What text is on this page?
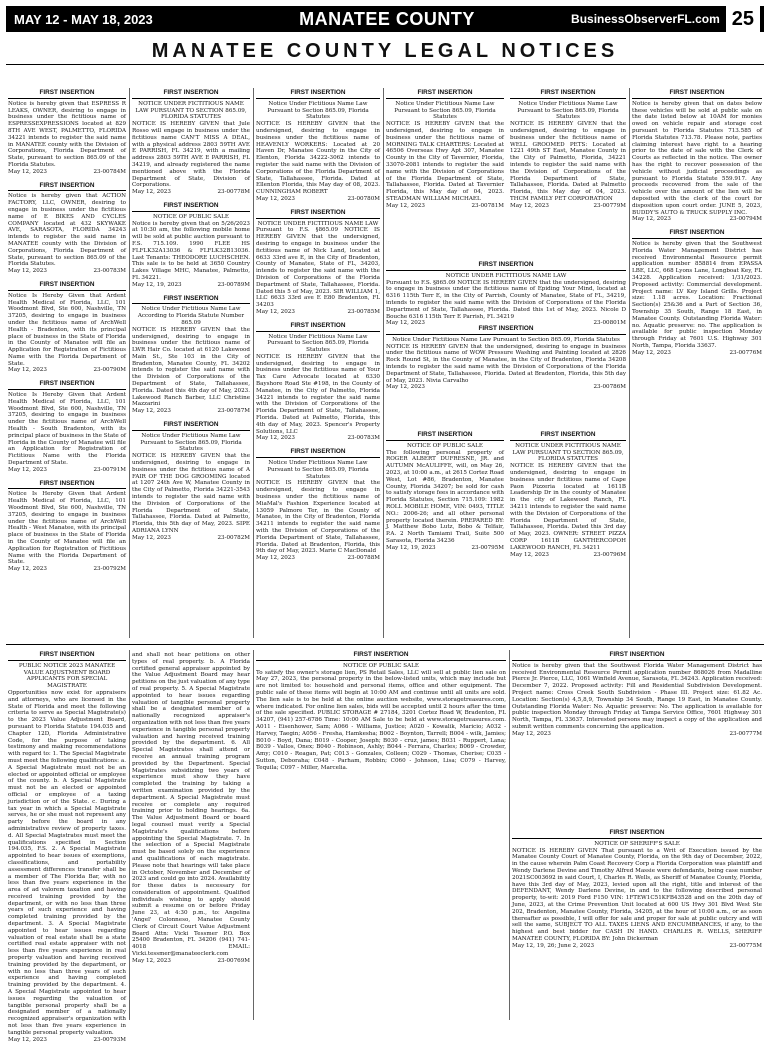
MAY 12 - MAY 18, 2023	MANATEE COUNTY	BusinessObserverFL.com 25
MANATEE COUNTY LEGAL NOTICES
FIRST INSERTION
Notice is hereby given that ESPRESS R LEAKS, OWNER, desiring to engage in business under the fictitious name of ESPRESSEXPRESSIONS located at 829 8TH AVE WEST, PALMETTO, FLORIDA 34221 intends to register the said name in MANATEE county with the Division of Corporations, Florida Department of State, pursuant to section 865.09 of the Florida Statutes.
May 12, 2023	23-00784M
FIRST INSERTION
Notice is hereby given that ACTION FACTORY, LLC, OWNER, desiring to engage in business under the fictitious name of E BIKES AND CYCLES COMPANY located at 432 SKYWAKE AVE, SARASOTA, FLORIDA 34243 intends to register the said name in MANATEE county with the Division of Corporations, Florida Department of State, pursuant to section 865.09 of the Florida Statutes.
May 12, 2023	23-00783M
FIRST INSERTION
Notice Is Hereby Given that Ardent Health Medical of Florida, LLC, 101 Woodmont Blvd, Ste 600, Nashville, TN 37205, desiring to engage in business under the fictitious name of ArchWell Health - Bradenton, with its principal place of business in the State of Florida in the County of Manatee will file an Application for Registration of Fictitious Name with the Florida Department of State.
May 12, 2023	23-00790M
FIRST INSERTION
Notice Is Hereby Given that Ardent Health Medical of Florida, LLC, 101 Woodmont Blvd, Ste 600, Nashville, TN 37205, desiring to engage in business under the fictitious name of ArchWell Health - South Bradenton, with its principal place of business in the State of Florida in the County of Manatee will file an Application for Registration of Fictitious Name with the Florida Department of State.
May 12, 2023	23-00791M
FIRST INSERTION
Notice Is Hereby Given that Ardent Health Medical of Florida, LLC, 101 Woodmont Blvd, Ste 600, Nashville, TN 37205, desiring to engage in business under the fictitious name of ArchWell Health - West Manatee, with its principal place of business in the State of Florida in the County of Manatee will file an Application for Registration of Fictitious Name with the Florida Department of State.
May 12, 2023	23-00792M
FIRST INSERTION
NOTICE UNDER FICTITIOUS NAME LAW PURSUANT TO SECTION 865.09, FLORIDA STATUTES
NOTICE IS HEREBY GIVEN that Jule Rosso will engage in business under the fictitious name CAN'T MISS A DEAL, with a physical address 2803 59TH AVE E PARRISH, FL 34219, with a mailing address 2803 59TH AVE E PARRISH, FL 34219, and already registered the name mentioned above with the Florida Department of State, Division of Corporations.
May 12, 2023	23-00778M
FIRST INSERTION
NOTICE OF PUBLIC SALE
Notice is hereby given that on 5/26/2023 at 10:30 am, the following mobile home will be sold at public auction pursuant to F.S. 715.109. 1990 FLEE HS FLFLK32A13036 & FLFLK32B13036. Last Tenants: THEODORE LUCHSCHEN. This sale is to be held at 3650 Country Lakes Village MHC, Manatee, Palmetto, FL 34221.
May 12, 19, 2023	23-00789M
FIRST INSERTION
Notice Under Fictitious Name Law According to Florida Statute Number 865.09
NOTICE IS HEREBY GIVEN that the undersigned, desiring to engage in business under the fictitious name of LWR Hair Co. located at 6120 Lakewood Main St., Ste 103 in the City of Bradenton, Manatee County, FL 34202 intends to register the said name with the Division of Corporations of the Department of State, Tallahassee, Florida. Dated this 4th day of May, 2023. Lakewood Ranch Barber, LLC Christine Mazzarini
May 12, 2023	23-00787M
FIRST INSERTION
Notice Under Fictitious Name Law Pursuant to Section 865.09, Florida Statutes
NOTICE IS HEREBY GIVEN that the undersigned, desiring to engage in business under the fictitious name of A FAIR OF THE DOG GROOMING located at 1207 24th Ave W, Manatee County in the City of Palmetto, Florida 34221-3543 intends to register the said name with the Division of Corporations of the Florida Department of State, Tallahassee, Florida. Dated at Palmetto, Florida, this 5th day of May, 2023. SIPE ADRIANA LYNN
May 12, 2023	23-00782M
FIRST INSERTION
Notice Under Fictitious Name Law Pursuant to Section 865.09, Florida Statutes
NOTICE IS HEREBY GIVEN that the undersigned, desiring to engage in business under the fictitious name of HEAVENLY WORKERS: Located at 20 Haven Dr, Manatee County in the City of Elenton, Florida 34222-3062 intends to register the said name with the Division of Corporations of the Florida Department of State, Tallahassee, Florida. Dated at Ellenton Florida, this May day of 08, 2023. CUNNINGHAM ROBERT
May 12, 2023	23-00780M
FIRST INSERTION
NOTICE UNDER FICTITIOUS NAME LAW
Pursuant to F.S. §865.09 NOTICE IS HEREBY GIVEN that the undersigned, desiring to engage in business under the fictitious name of Nick Land, located at 6633 33rd ave E, in the City of Bradenton, County of Manatee, State of FL, 34203, intends to register the said name with the Division of Corporations of the Florida Department of State, Tallahassee, Florida. Dated this 5 of May, 2023. SIR WILLIAM 1, LLC 6633 33rd ave E E80 Bradenton, FL 34203
May 12, 2023	23-00785M
FIRST INSERTION
Notice Under Fictitious Name Law Pursuant to Section 865.09, Florida Statutes
NOTICE IS HEREBY GIVEN that the undersigned, desiring to engage in business under the fictitious name of Your Tax Care Advocate located at 6330 Bayshore Road Ste #198, in the County of Manatee, in the City of Palmetto, Florida 34221 intends to register the said name with the Division of Corporations of the Florida Department of State, Tallahassee, Florida. Dated at Palmetto, Florida, this 4th day of May, 2023. Spencer's Property Solutions, LLC
May 12, 2023	23-00783M
FIRST INSERTION
Notice Under Fictitious Name Law Pursuant to Section 865.09, Florida Statutes
NOTICE IS HEREBY GIVEN that the undersigned, desiring to engage in business under the fictitious name of MiaMal's Fashion Experience located at 13059 Palmore Ter, in the County of Manatee, in the City of Bradenton, Florida 34211 intends to register the said name with the Division of Corporations of the Florida Department of State, Tallahassee, Florida. Dated at Bradenton, Florida, this 9th day of May, 2023. Marie C MacDonald
May 12, 2023	23-00788M
FIRST INSERTION
Notice Under Fictitious Name Law Pursuant to Section 865.09, Florida Statutes
NOTICE IS HEREBY GIVEN that the undersigned, desiring to engage in business under the fictitious name of MORNING TALK CHARTERS: Located at 46506 Overseas Hwy Apt 307, Manatee County in the City of Tavernier, Florida, 33070-2081 intends to register the said name with the Division of Corporations of the Florida Department of State, Tallahassee, Florida. Dated at Tavernier Florida, this May day of 04, 2023. STEADMAN WILLIAM MICHAEL
May 12, 2023	23-00781M
FIRST INSERTION
Notice Under Fictitious Name Law Pursuant to Section 865.09, Florida Statutes
NOTICE IS HEREBY GIVEN that the undersigned, desiring to engage in business under the fictitious name of WELL GROOMED PETS: Located at 1221 49th ST East, Manatee County in the City of Palmetto, Florida, 34221 intends to register the said name with the Division of Corporations of the Florida Department of State, Tallahassee, Florida. Dated at Palmetto Florida, this May day of 04, 2023. THCM FAMILY PET CORPORATION
May 12, 2023	23-00779M
FIRST INSERTION
NOTICE UNDER FICTITIOUS NAME LAW
Pursuant to F.S. §865.09 NOTICE IS HEREBY GIVEN that the undersigned, desiring to engage in business under the fictitious name of Epiding Your Mind, located at 6316 115th Terr E, in the City of Parrish, County of Manatee, State of FL, 34219, intends to register the said name with the Division of Corporations of the Florida Department of State, Tallahassee, Florida. Dated this 1st of May, 2023. Nicole D Bouche 6316 115th Terr E Parrish, FL 34219
May 12, 2023	23-00801M
FIRST INSERTION
Notice Under Fictitious Name Law Pursuant to Section 865.09, Florida Statutes
NOTICE IS HEREBY GIVEN that the undersigned, desiring to engage in business under the fictitious name of WOW Pressure Washing and Painting located at 2826 Rock Round St, in the County of Manatee, in the City of Bradenton, Florida 34208 intends to register the said name with the Division of Corporations of the Florida Department of State, Tallahassee, Florida. Dated at Bradenton, Florida, this 5th day of May, 2023. Nivia Carvalho
May 12, 2023	23-00786M
FIRST INSERTION
NOTICE OF PUBLIC SALE
The following personal property of ROGER ALBERT DUFRESNE, JR. and AUTUMN McAULIFFE, will, on May 26, 2023, at 10:00 a.m., at 2615 Cortez Road West, Lot #86, Bradenton, Manatee County, Florida 34207; be sold for cash to satisfy storage fees in accordance with Florida Statutes, Section 715.109: 1982 ROLL MOBILE HOME, VIN: 0493, TITLE NO.: 2006-26; and all other personal property located therein. PREPARED BY: J. Matthew Bobo Lutz, Bobo & Telfair, P.A. 2 North Tamiami Trail, Suite 500 Sarasota, Florida 34236
May 12, 19, 2023	23-00795M
FIRST INSERTION
NOTICE UNDER FICTITIOUS NAME LAW PURSUANT TO SECTION 865.09, FLORIDA STATUTES
NOTICE IS HEREBY GIVEN that the undersigned, desiring to engage in business under fictitious name of Cape Paon Pizzeria located at 1611B Leadership Dr in the county of Manatee in the city of Lakewood Ranch, FL 34211 intends to register the said name with the Division of Corporations of the Florida Department of State, Tallahassee, Florida. Dated this 3rd day of May, 2023. OWNER: STREET PIZZA CORP 1611B GANTHERCOPOH LAKEWOOD RANCH, FL 34211
May 12, 2023	23-00796M
FIRST INSERTION
Notice is hereby given that on dates below these vehicles will be sold at public sale on the date listed below at 10AM for monies owed on vehicle repair and storage cost pursuant to Florida Statutes 713.585 of Florida Statutes 713.78. Please note, parties claiming interest have right to a hearing prior to the date of sale with the Clerk of Courts as reflected in the notice. The owner has the right to recover possession of the vehicle without judicial proceedings as pursuant to Florida Statute 559.917. Any proceeds recovered from the sale of the vehicle over the amount of the lien will be deposited with the clerk of the court for disposition upon court order. JUNE 5, 2023, BUDDY'S AUTO & TRUCK SUPPLY INC.
May 12, 2023	23-00794M
FIRST INSERTION
Notice is hereby given that the Southwest Florida Water Management District has received Environmental Resource permit application number 858814 from EPASSA LBE, LLC, 668 Lyons Lane, Longboat Key, FL 34228. Application received: 1/31/2023. Proposed activity: Commercial development. Project name: LV Key Island Grills. Project size: 1.18 acres. Location: Fractional Section(s) 25&36 and a Part of Section 36, Township 35 South, Range 18 East, in Manatee County. Outstanding Florida Water: no. Aquatic preserve: no. The application is available for public inspection Monday through Friday at 7601 U.S. Highway 301 North, Tampa, Florida 33637.
May 12, 2023	23-00776M
FIRST INSERTION
PUBLIC NOTICE 2023 MANATEE VALUE ADJUSTMENT BOARD APPLICANTS FOR SPECIAL MAGISTRATE
Opportunities now exist for appraisers and attorneys, who are licensed in the State of Florida and meet the following criteria to serve as Special Magistrate(s) to the 2023 Value Adjustment Board, pursuant to Florida Statute 194.035 and Chapter 12D, Florida Administrative Code, for the purpose of taking testimony and making recommendations with regard to: 1. The Special Magistrate must meet the following qualifications: a. A Special Magistrate must not be an elected or appointed official or employee of the county. b. A Special Magistrate must not be an elected or appointed official or employee of a taxing jurisdiction or of the State. c. During a tax year in which a Special Magistrate serves, he or she must not represent any party before the board in any administrative review of property taxes. d. All Special Magistrates must meet the qualifications specified in Section 194.035, F.S. 2. A Special Magistrate appointed to hear issues of exemptions, classifications, and portability assessment differences transfer shall be a member of The Florida Bar, with no less than five years experience in the area of ad valorem taxation and having received training provided by the department, or with no less than three years of such experience and having completed training provided by the department. 3. A Special Magistrate appointed to hear issues regarding valuation of real estate shall be a state certified real estate appraiser with not less than five years experience in real property valuation and having received training provided by the department, or with no less than three years of such experience and having completed training provided by the department. 4. A Special Magistrate appointed to hear issues regarding the valuation of tangible personal property shall be a designated member of a nationally recognized appraiser's organization with not less than five years experience in tangible personal property valuation.
May 12, 2023	23-00793M
and shall not hear petitions on other types of real property. b. A Florida certified general appraiser appointed by the Value Adjustment Board may hear petitions on the just valuation of any type of real property. 5. A Special Magistrate appointed to hear issues regarding valuation of tangible personal property shall be a designated member of a nationally recognized appraiser's organization with not less than five years experience in tangible personal property valuation and having received training provided by the department. 6. All Special Magistrates shall attend or receive an annual training program provided by the Department. Special Magistrates subsidizing two years of experience must show they have completed the training by taking a written examination provided by the department. A Special Magistrate must receive or complete any required training prior to holding hearings. 6a. The Value Adjustment Board or board legal counsel must verify a Special Magistrate's qualifications before appointing the Special Magistrate. 7. In the selection of a Special Magistrate must be based solely on the experience and qualifications of each magistrate. Please note that hearings will take place in October, November and December of 2023 and could go into 2024. Availability for these dates is necessary for consideration of appointment. Qualified individuals wishing to apply should submit a resume on or before Friday June 23, at 4:30 p.m., to: Angelina 'Angel' Colonneso, Manatee County Clerk of Circuit Court Value Adjustment Board Attn: Vicki Tessmer P.O. Box 25400 Bradenton, FL 34206 (941) 741-4018 EMAIL: Vicki.tessmer@manateeclerk.com
May 12, 2023	23-00769M
FIRST INSERTION
NOTICE OF PUBLIC SALE
To satisfy the owner's storage lien, PS Retail Sales, LLC will sell at public lien sale on May 27, 2023, the personal property in the below-listed units, which may include but are not limited to: household and personal items, office and other equipment. The public sale of these items will begin at 10:00 AM and continue until all units are sold. The lien sale is to be held at the online auction website, www.storagetreasures.com, where indicated. For online lien sales, bids will be accepted until 2 hours after the time of the sale specified. PUBLIC STORAGE # 27184, 3201 Cortez Road W, Bradenton, FL 34207, (941) 257-6786 Time: 10:00 AM Sale to be held at www.storagetreasures.com. A011 - Eisenhower, Sam; A066 - Williams, Justice; A020 - Kowalik, Maricio; A032 - Harvey, Taegin; A056 - Fresha, Hamkesha; B002 - Boynton, Tarrell; B004 - wilk, Jamies; B010 - Boyd, Dana; B019 - Cooper, Joseph; B030 - cruz, james; B031 - Ruppert, Lana; B039 - Vallos, Onex; B040 - Robinson, Ashly; B044 - Ferrara, Charles; B069 - Crowder, Amy; C010 - Reagan, Pat; C013 - Gonzales, Colleen; C029 - Thomas, Cherise; C035 - Sutton, Deboraha; C048 - Parham, Robbin; C060 - Johnson, Lisa; C079 - Harvey, Tequila; C097 - Miller, Marcelia.
FIRST INSERTION
Notice is hereby given that the Southwest Florida Water Management District has received Environmental Resource Permit application number 868026 from Madalline Pierce Jr. Pierce, LLC, 1061 Winfield Avenue, Sarasota, FL 34243. Application received: December 7, 2022. Proposed activity: Fill and Residential Subdivision Development. Project name: Cross Creek South Subdivision - Phase III. Project size: 61.82 Ac. Location: Section(s) 4,5,8,9, Township 34 South, Range 19 East, in Manatee County. Outstanding Florida Water: No. Aquatic preserve: No. The application is available for public inspection Monday through Friday at Tampa Service Office, 7601 Highway 301 North, Tampa, FL 33637. Interested persons may inspect a copy of the application and submit written comments concerning the application.
May 12, 2023	23-00777M
FIRST INSERTION
NOTICE OF SHERIFF'S SALE
NOTICE IS HEREBY GIVEN That pursuant to a Writ of Execution issued by the Manatee County Court of Manatee County, Florida, on the 9th day of December, 2022, in the cause wherein Palm Coast Recovery Corp a Florida Corporation was plaintiff and Wendy Darlene Devine and Timothy Alfred Massie were defendants, being case number 2021SC003692 in said Court, I, Charles R. Wells, as Sheriff of Manatee County, Florida, have this 3rd day of May, 2023, levied upon all the right, title and interest of the DEFENDANT, Wendy Darlene Devine, in and to the following described personal property, to-wit: 2019 Ford F150 VIN: 1FTEW1C51KFB43528 and on the 20th day of June, 2023, at the Crime Prevention Unit located at 600 US Hwy 301 Blvd West Ste 202, Bradenton, Manatee County, Florida, 34205, at the hour of 10:00 a.m., or as soon thereafter as possible, I will offer for sale and proper for sale at public outcry and will sell the same, SUBJECT TO ALL TAXES LIENS AND ENCUMBRANCES, if any, to the highest and best bidder for CASH IN HAND. CHARLES R. WELLS, SHERIFF MANATEE COUNTY, FLORIDA BY: John Dickerman
May 12, 19, 26; June 2, 2023	23-00775M
